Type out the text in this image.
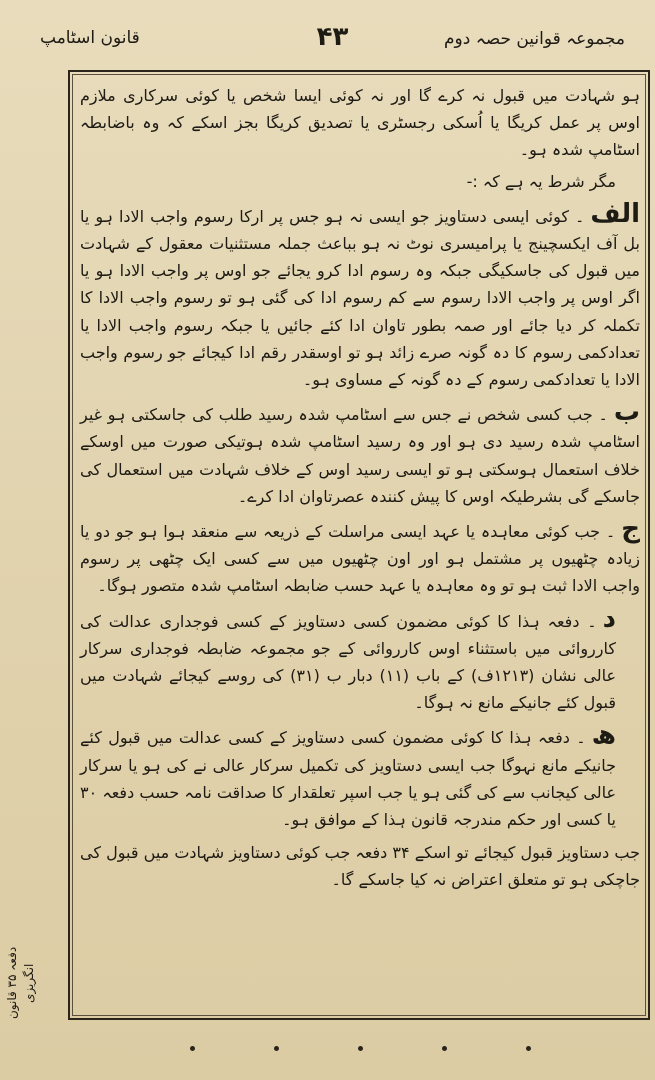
مجموعہ قوانین حصہ دوم
۴۳
قانون اسٹامپ

ہو شہادت میں قبول نہ کرے گا اور نہ کوئی ایسا شخص یا کوئی سرکاری ملازم اوس پر عمل کریگا یا اُسکی رجسٹری یا تصدیق کریگا بجز اسکے کہ وہ باضابطہ اسٹامپ شدہ ہو۔

مگر شرط یہ ہے کہ :-

الف۔ کوئی ایسی دستاویز جو ایسی نہ ہو جس پر ارکا رسوم واجب الادا ہو یا بل آف ایکسچینج یا پرامیسری نوٹ نہ ہو بباعث جملہ مستثنیات معقول کے شہادت میں قبول کی جاسکیگی جبکہ وہ رسوم ادا کرو یجائے جو اوس پر واجب الادا ہو یا اگر اوس پر واجب الادا رسوم سے کم رسوم ادا کی گئی ہو تو رسوم واجب الادا کا تکملہ کر دیا جائے اور صمہ بطور تاوان ادا کئے جائیں یا جبکہ رسوم واجب الادا یا تعدادکمی رسوم کا دہ گونہ صرے زائد ہو تو اوسقدر رقم ادا کیجائے جو رسوم واجب الادا یا تعدادکمی رسوم کے دہ گونہ کے مساوی ہو۔

ب۔ جب کسی شخص نے جس سے اسٹامپ شدہ رسید طلب کی جاسکتی ہو غیر اسٹامپ شدہ رسید دی ہو اور وہ رسید اسٹامپ شدہ ہوتیکی صورت میں اوسکے خلاف استعمال ہوسکتی ہو تو ایسی رسید اوس کے خلاف شہادت میں استعمال کی جاسکے گی بشرطیکہ اوس کا پیش کنندہ عصرتاوان ادا کرے۔

ج۔ جب کوئی معاہدہ یا عہد ایسی مراسلت کے ذریعہ سے منعقد ہوا ہو جو دو یا زیادہ چٹھیوں پر مشتمل ہو اور اون چٹھیوں میں سے کسی ایک چٹھی پر رسوم واجب الادا ثبت ہو تو وہ معاہدہ یا عہد حسب ضابطہ اسٹامپ شدہ متصور ہوگا۔

د۔ دفعہ ہذا کا کوئی مضمون کسی دستاویز کے کسی فوجداری عدالت کی کارروائی میں باستثناء اوس کارروائی کے جو مجموعہ ضابطہ فوجداری سرکار عالی نشان (۱۲۱۳ف) کے باب (۱۱) دبار ب (۳۱) کی روسے کیجائے شہادت میں قبول کئے جانیکے مانع نہ ہوگا۔

ھ۔ دفعہ ہذا کا کوئی مضمون کسی دستاویز کے کسی عدالت میں قبول کئے جانیکے مانع نہوگا جب ایسی دستاویز کی تکمیل سرکار عالی نے کی ہو یا سرکار عالی کیجانب سے کی گئی ہو یا جب اسپر تعلقدار کا صداقت نامہ حسب دفعہ ۳۰ یا کسی اور حکم مندرجہ قانون ہذا کے موافق ہو۔

جب دستاویز قبول کیجائے تو اسکے ۳۴ دفعہ جب کوئی دستاویز شہادت میں قبول کی جاچکی ہو تو متعلق اعتراض نہ کیا جاسکے گا۔

دفعہ ۳۵ قانون انگریزی
